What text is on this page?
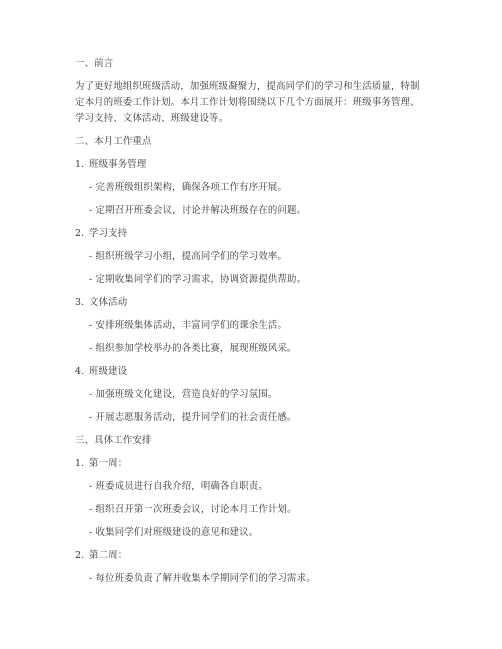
一、前言
为了更好地组织班级活动，加强班级凝聚力，提高同学们的学习和生活质量，特制
定本月的班委工作计划。本月工作计划将围绕以下几个方面展开：班级事务管理、
学习支持、文体活动、班级建设等。
二、本月工作重点
1. 班级事务管理
- 完善班级组织架构，确保各项工作有序开展。
- 定期召开班委会议，讨论并解决班级存在的问题。
2. 学习支持
- 组织班级学习小组，提高同学们的学习效率。
- 定期收集同学们的学习需求，协调资源提供帮助。
3. 文体活动
- 安排班级集体活动，丰富同学们的课余生活。
- 组织参加学校举办的各类比赛，展现班级风采。
4. 班级建设
- 加强班级文化建设，营造良好的学习氛围。
- 开展志愿服务活动，提升同学们的社会责任感。
三、具体工作安排
1. 第一周：
- 班委成员进行自我介绍，明确各自职责。
- 组织召开第一次班委会议，讨论本月工作计划。
- 收集同学们对班级建设的意见和建议。
2. 第二周：
- 每位班委负责了解并收集本学期同学们的学习需求。
